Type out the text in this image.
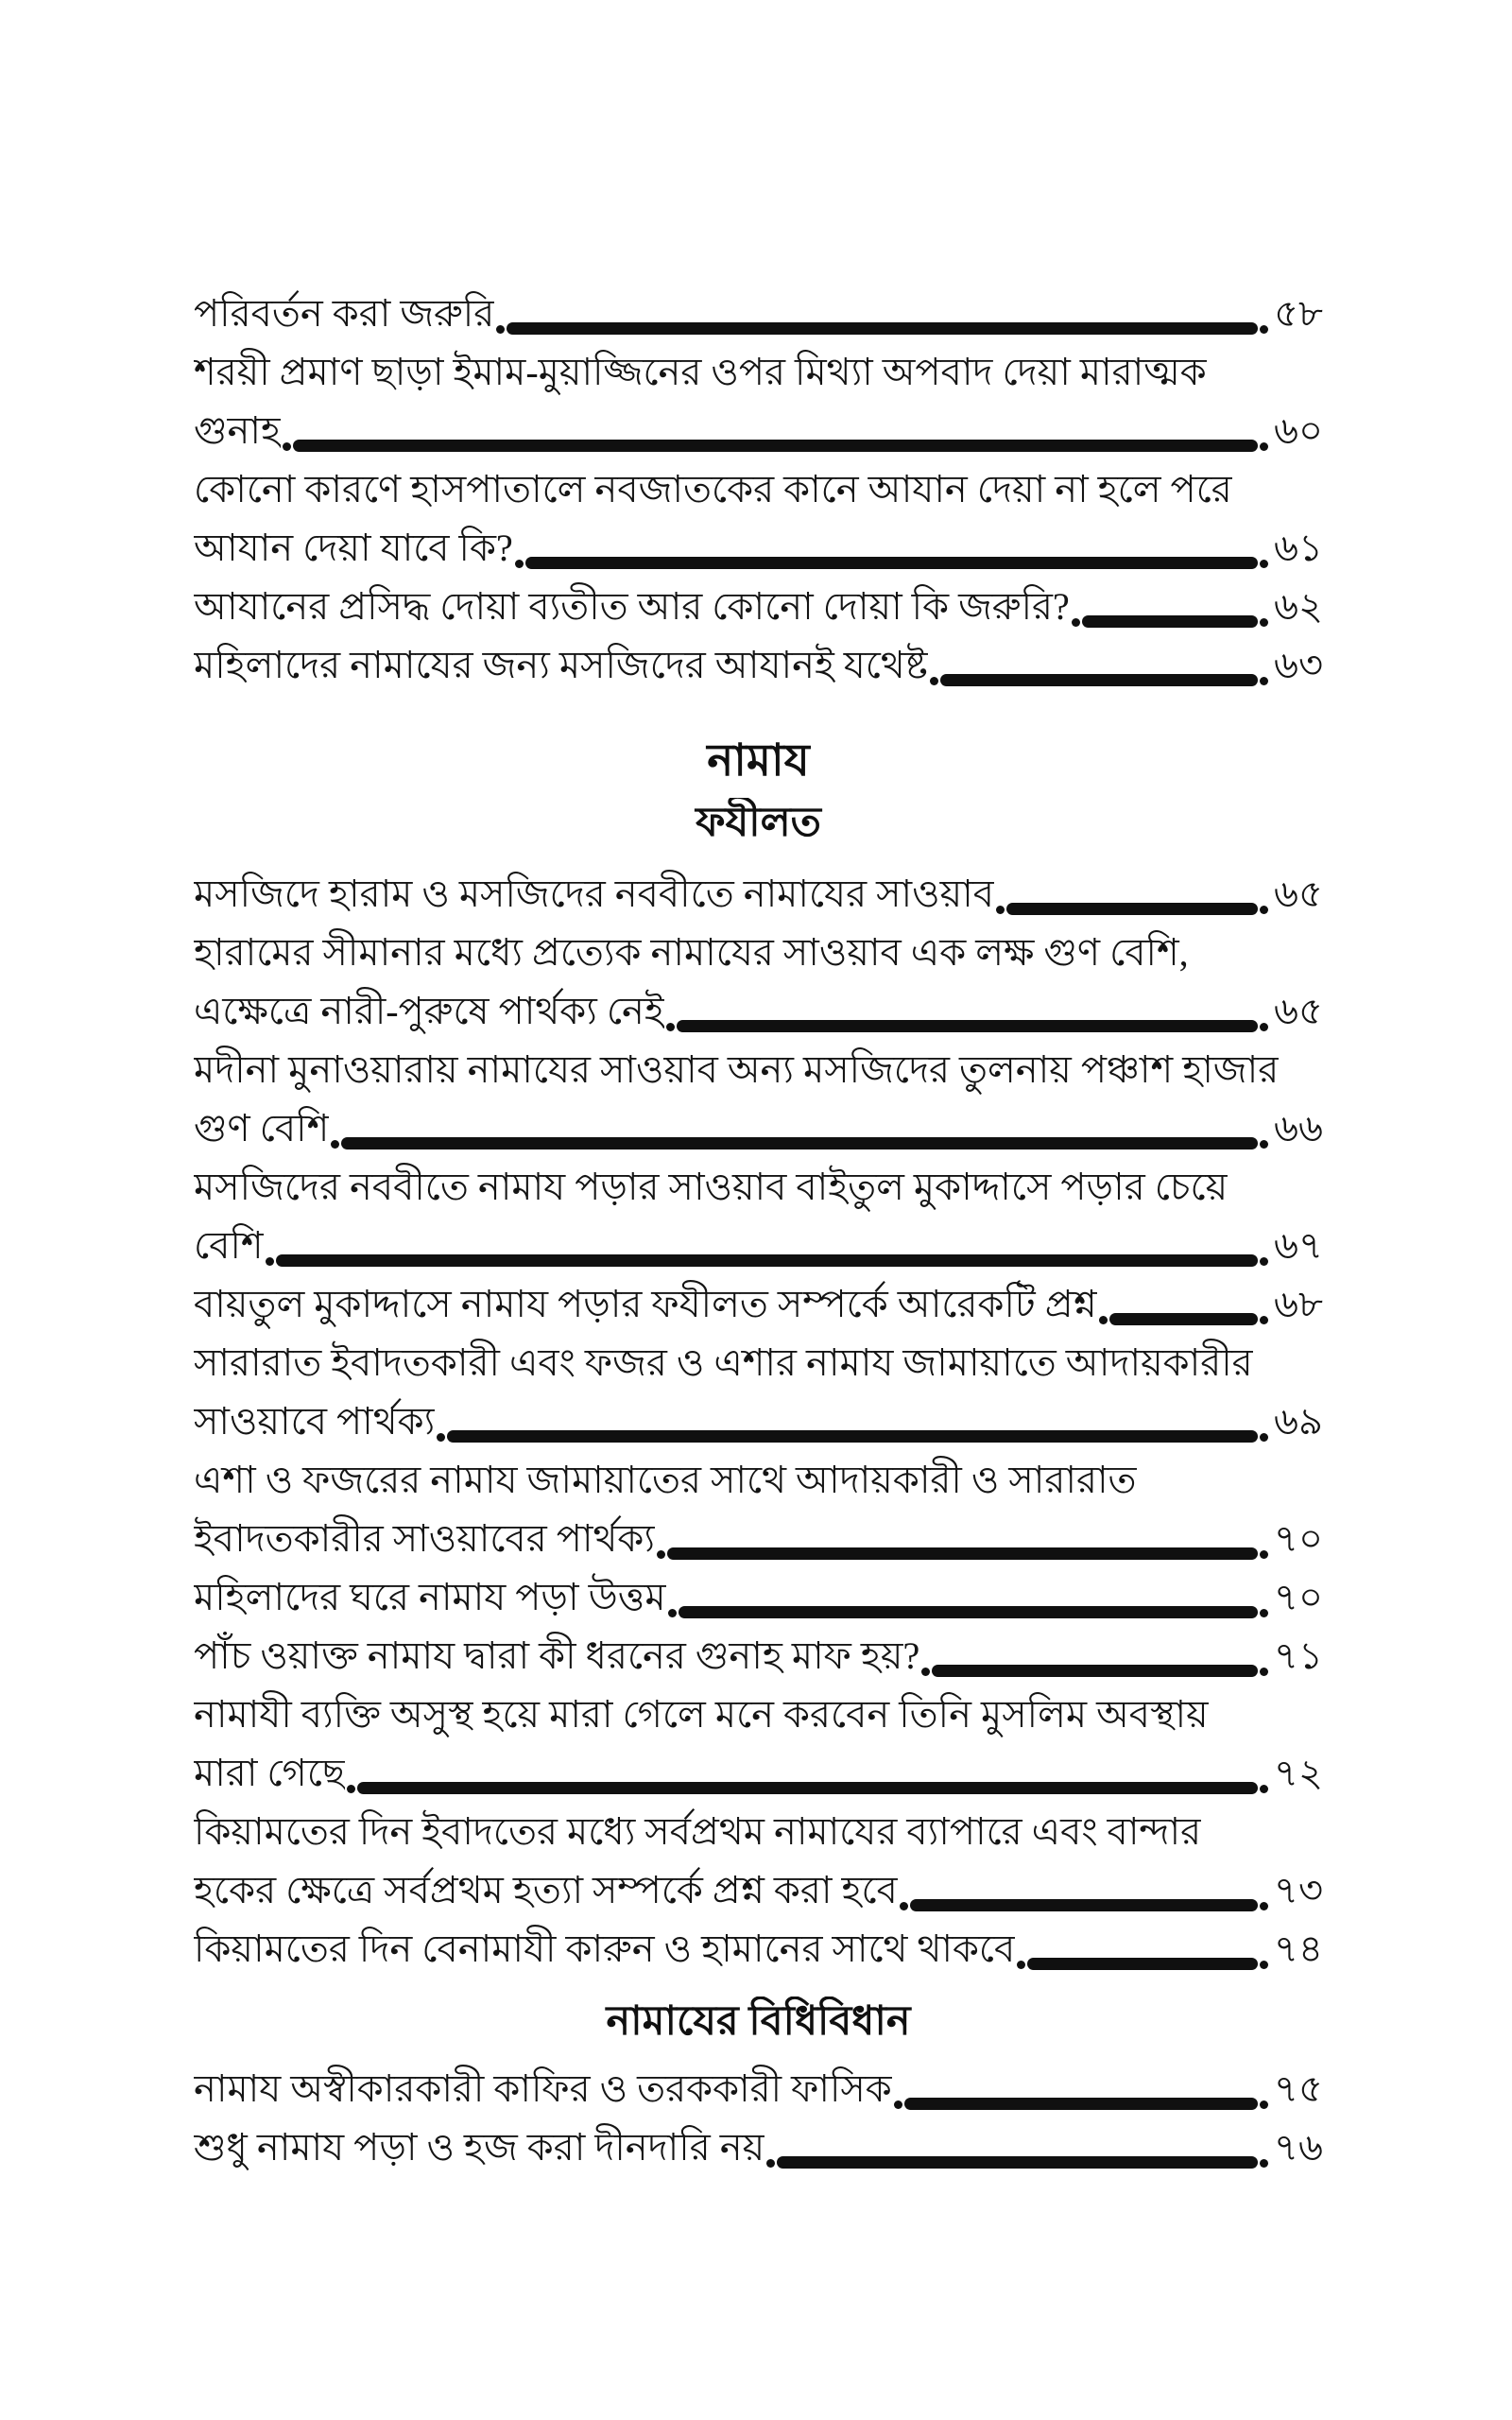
পরিবর্তন করা জরুরি	৫৮
শরয়ী প্রমাণ ছাড়া ইমাম-মুয়াজ্জিনের ওপর মিথ্যা অপবাদ দেয়া মারাত্মক
গুনাহ	৬০
কোনো কারণে হাসপাতালে নবজাতকের কানে আযান দেয়া না হলে পরে
আযান দেয়া যাবে কি?	৬১
আযানের প্রসিদ্ধ দোয়া ব্যতীত আর কোনো দোয়া কি জরুরি?	৬২
মহিলাদের নামাযের জন্য মসজিদের আযানই যথেষ্ট	৬৩
নামায
ফযীলত
মসজিদে হারাম ও মসজিদের নববীতে নামাযের সাওয়াব	৬৫
হারামের সীমানার মধ্যে প্রত্যেক নামাযের সাওয়াব এক লক্ষ গুণ বেশি,
এক্ষেত্রে নারী-পুরুষে পার্থক্য নেই	৬৫
মদীনা মুনাওয়ারায় নামাযের সাওয়াব অন্য মসজিদের তুলনায় পঞ্চাশ হাজার
গুণ বেশি	৬৬
মসজিদের নববীতে নামায পড়ার সাওয়াব বাইতুল মুকাদ্দাসে পড়ার চেয়ে
বেশি	৬৭
বায়তুল মুকাদ্দাসে নামায পড়ার ফযীলত সম্পর্কে আরেকটি প্রশ্ন	৬৮
সারারাত ইবাদতকারী এবং ফজর ও এশার নামায জামায়াতে আদায়কারীর
সাওয়াবে পার্থক্য	৬৯
এশা ও ফজরের নামায জামায়াতের সাথে আদায়কারী ও সারারাত
ইবাদতকারীর সাওয়াবের পার্থক্য	৭০
মহিলাদের ঘরে নামায পড়া উত্তম	৭০
পাঁচ ওয়াক্ত নামায দ্বারা কী ধরনের গুনাহ মাফ হয়?	৭১
নামাযী ব্যক্তি অসুস্থ হয়ে মারা গেলে মনে করবেন তিনি মুসলিম অবস্থায়
মারা গেছে	৭২
কিয়ামতের দিন ইবাদতের মধ্যে সর্বপ্রথম নামাযের ব্যাপারে এবং বান্দার
হকের ক্ষেত্রে সর্বপ্রথম হত্যা সম্পর্কে প্রশ্ন করা হবে	৭৩
কিয়ামতের দিন বেনামাযী কারুন ও হামানের সাথে থাকবে	৭৪
নামাযের বিধিবিধান
নামায অস্বীকারকারী কাফির ও তরককারী ফাসিক	৭৫
শুধু নামায পড়া ও হজ করা দীনদারি নয়	৭৬
